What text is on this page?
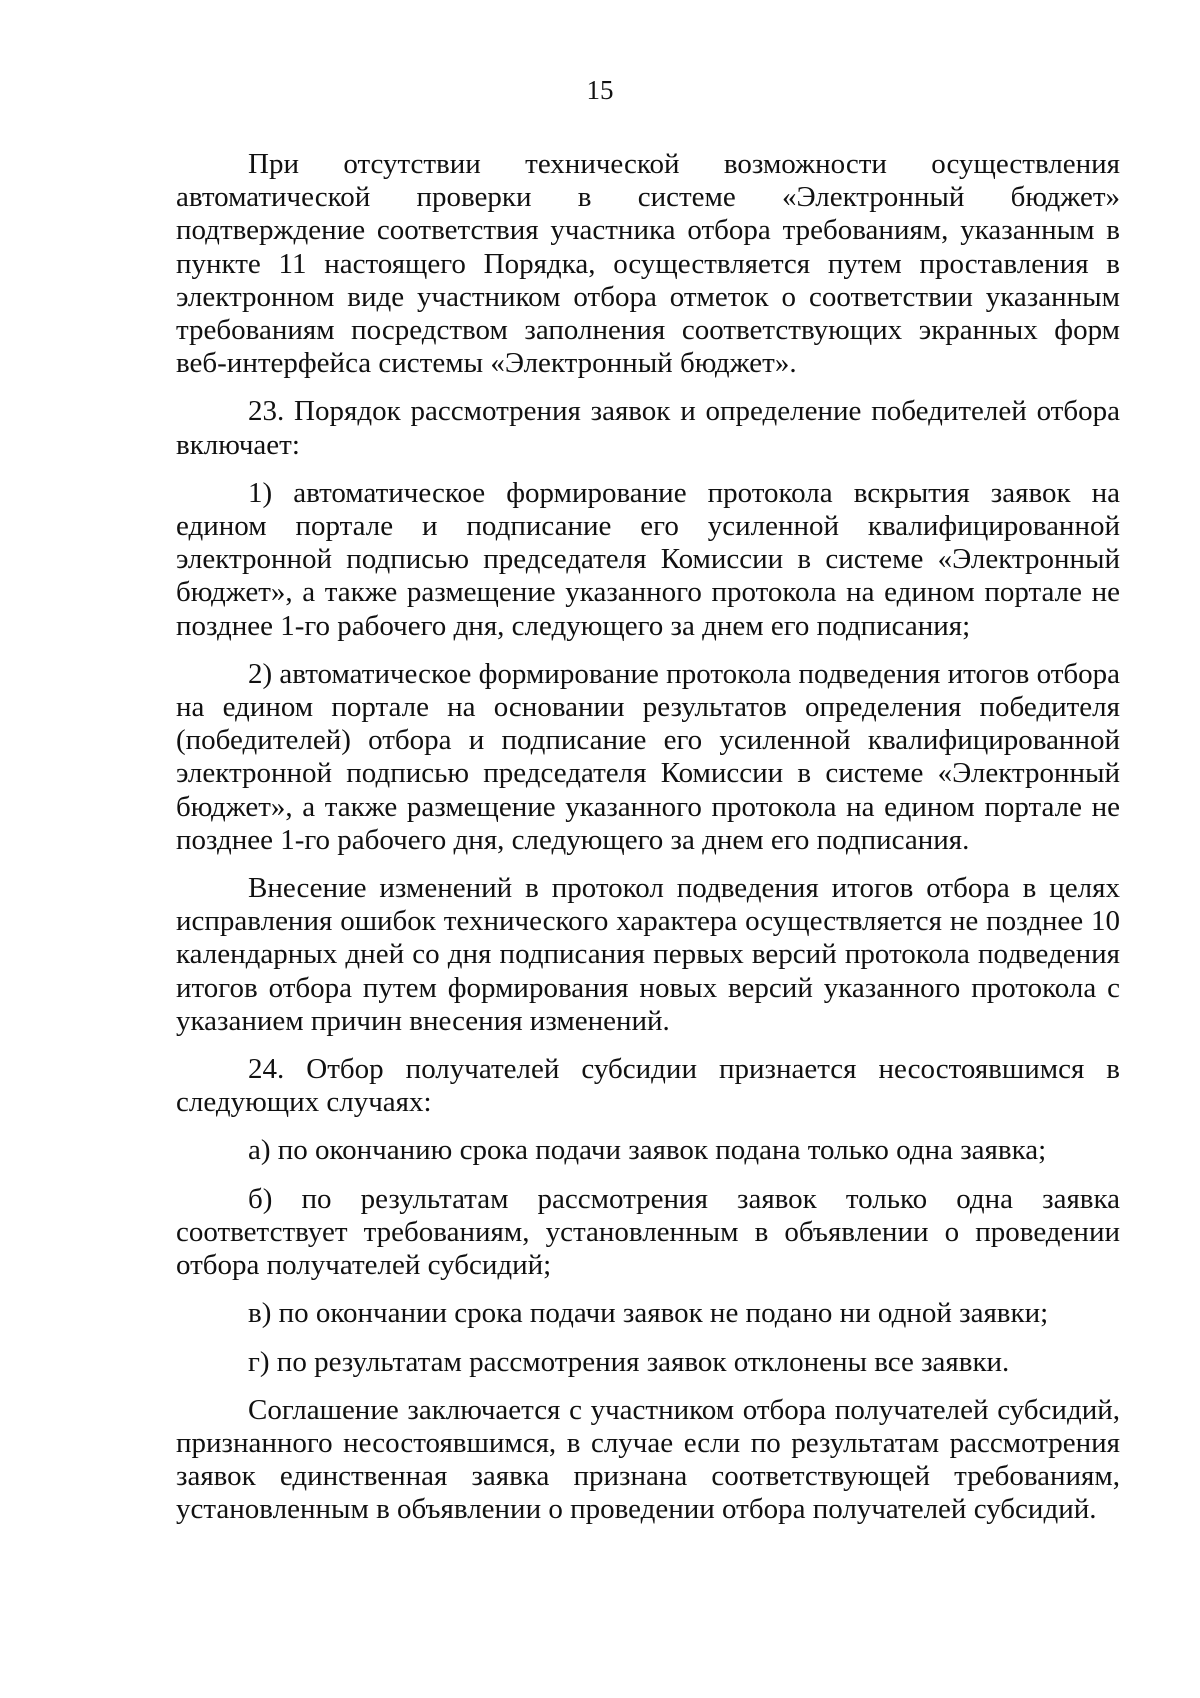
15

При отсутствии технической возможности осуществления автоматической проверки в системе «Электронный бюджет» подтверждение соответствия участника отбора требованиям, указанным в пункте 11 настоящего Порядка, осуществляется путем проставления в электронном виде участником отбора отметок о соответствии указанным требованиям посредством заполнения соответствующих экранных форм веб-интерфейса системы «Электронный бюджет».

23. Порядок рассмотрения заявок и определение победителей отбора включает:

1) автоматическое формирование протокола вскрытия заявок на едином портале и подписание его усиленной квалифицированной электронной подписью председателя Комиссии в системе «Электронный бюджет», а также размещение указанного протокола на едином портале не позднее 1-го рабочего дня, следующего за днем его подписания;

2) автоматическое формирование протокола подведения итогов отбора на едином портале на основании результатов определения победителя (победителей) отбора и подписание его усиленной квалифицированной электронной подписью председателя Комиссии в системе «Электронный бюджет», а также размещение указанного протокола на едином портале не позднее 1-го рабочего дня, следующего за днем его подписания.

Внесение изменений в протокол подведения итогов отбора в целях исправления ошибок технического характера осуществляется не позднее 10 календарных дней со дня подписания первых версий протокола подведения итогов отбора путем формирования новых версий указанного протокола с указанием причин внесения изменений.

24. Отбор получателей субсидии признается несостоявшимся в следующих случаях:

а) по окончанию срока подачи заявок подана только одна заявка;

б) по результатам рассмотрения заявок только одна заявка соответствует требованиям, установленным в объявлении о проведении отбора получателей субсидий;

в) по окончании срока подачи заявок не подано ни одной заявки;

г) по результатам рассмотрения заявок отклонены все заявки.

Соглашение заключается с участником отбора получателей субсидий, признанного несостоявшимся, в случае если по результатам рассмотрения заявок единственная заявка признана соответствующей требованиям, установленным в объявлении о проведении отбора получателей субсидий.
